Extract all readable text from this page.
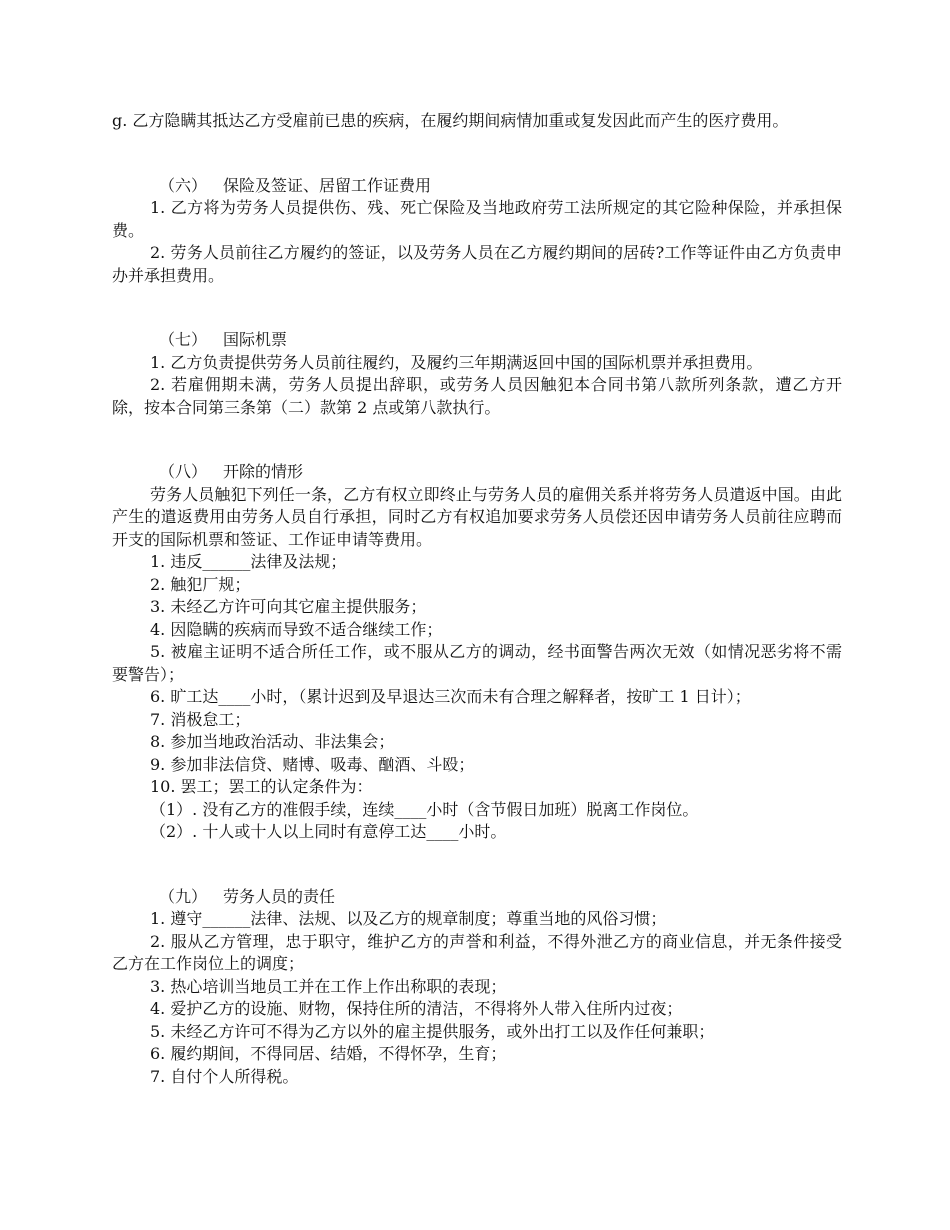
g. 乙方隐瞒其抵达乙方受雇前已患的疾病，在履约期间病情加重或复发因此而产生的医疗费用。

（六） 保险及签证、居留工作证费用

1. 乙方将为劳务人员提供伤、残、死亡保险及当地政府劳工法所规定的其它险种保险，并承担保费。

2. 劳务人员前往乙方履约的签证，以及劳务人员在乙方履约期间的居砖?工作等证件由乙方负责申办并承担费用。

（七） 国际机票

1. 乙方负责提供劳务人员前往履约，及履约三年期满返回中国的国际机票并承担费用。

2. 若雇佣期未满，劳务人员提出辞职，或劳务人员因触犯本合同书第八款所列条款，遭乙方开除，按本合同第三条第（二）款第 2 点或第八款执行。

（八） 开除的情形

劳务人员触犯下列任一条，乙方有权立即终止与劳务人员的雇佣关系并将劳务人员遣返中国。由此产生的遣返费用由劳务人员自行承担，同时乙方有权追加要求劳务人员偿还因申请劳务人员前往应聘而开支的国际机票和签证、工作证申请等费用。

1. 违反______法律及法规；

2. 触犯厂规；

3. 未经乙方许可向其它雇主提供服务；

4. 因隐瞒的疾病而导致不适合继续工作；

5. 被雇主证明不适合所任工作，或不服从乙方的调动，经书面警告两次无效（如情况恶劣将不需要警告）；

6. 旷工达____小时，（累计迟到及早退达三次而未有合理之解释者，按旷工 1 日计）；

7. 消极怠工；

8. 参加当地政治活动、非法集会；

9. 参加非法信贷、赌博、吸毒、酗酒、斗殴；

10. 罢工；罢工的认定条件为：

（1）. 没有乙方的准假手续，连续____小时（含节假日加班）脱离工作岗位。

（2）. 十人或十人以上同时有意停工达____小时。

（九） 劳务人员的责任

1. 遵守______法律、法规、以及乙方的规章制度；尊重当地的风俗习惯；

2. 服从乙方管理，忠于职守，维护乙方的声誉和利益，不得外泄乙方的商业信息，并无条件接受乙方在工作岗位上的调度；

3. 热心培训当地员工并在工作上作出称职的表现；

4. 爱护乙方的设施、财物，保持住所的清洁，不得将外人带入住所内过夜；

5. 未经乙方许可不得为乙方以外的雇主提供服务，或外出打工以及作任何兼职；

6. 履约期间，不得同居、结婚，不得怀孕，生育；

7. 自付个人所得税。
